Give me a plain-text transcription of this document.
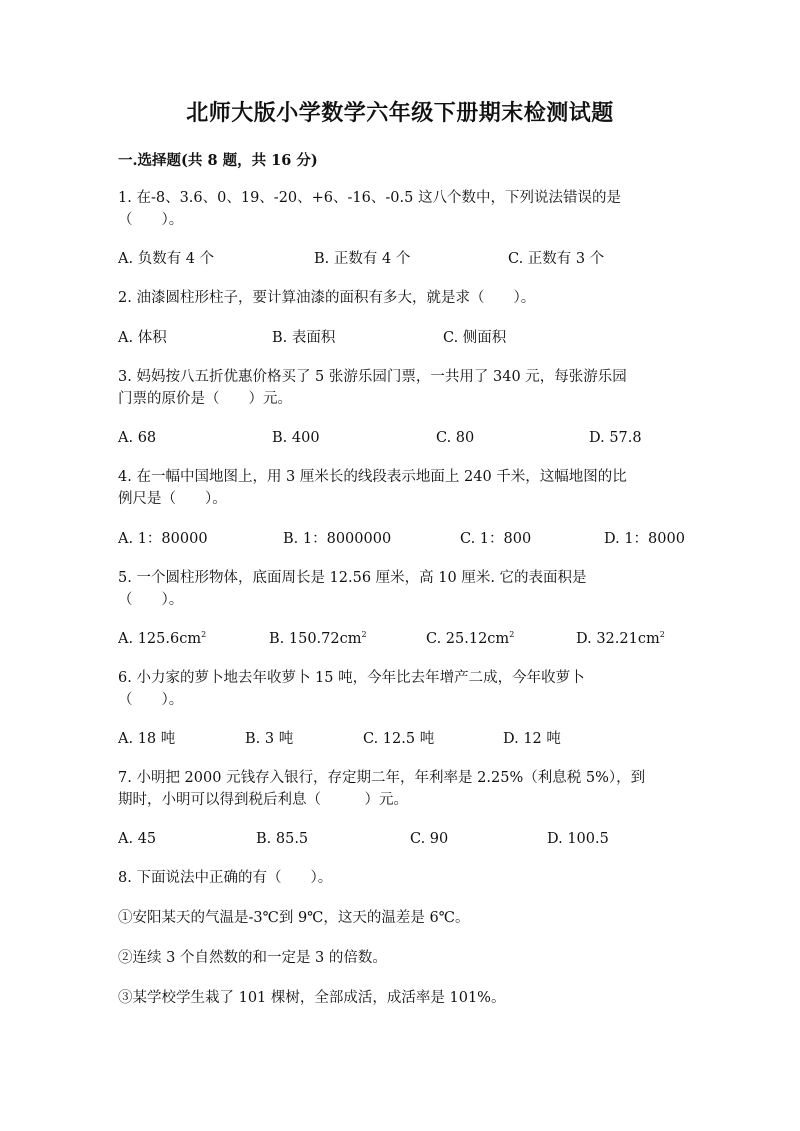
北师大版小学数学六年级下册期末检测试题
一.选择题(共 8 题，共 16 分)
1. 在-8、3.6、0、19、-20、+6、-16、-0.5 这八个数中，下列说法错误的是
（　　）。
A. 负数有 4 个	B. 正数有 4 个	C. 正数有 3 个
2. 油漆圆柱形柱子，要计算油漆的面积有多大，就是求（　　）。
A. 体积	B. 表面积	C. 侧面积
3. 妈妈按八五折优惠价格买了 5 张游乐园门票，一共用了 340 元，每张游乐园
门票的原价是（　　）元。
A. 68	B. 400	C. 80	D. 57.8
4. 在一幅中国地图上，用 3 厘米长的线段表示地面上 240 千米，这幅地图的比
例尺是（　　）。
A. 1：80000	B. 1：8000000	C. 1：800	D. 1：8000
5. 一个圆柱形物体，底面周长是 12.56 厘米，高 10 厘米. 它的表面积是
（　　）。
A. $125.6cm^2$	B. $150.72cm^2$	C. $25.12cm^2$	D. $32.21cm^2$
6. 小力家的萝卜地去年收萝卜 15 吨，今年比去年增产二成，今年收萝卜
（　　）。
A. 18 吨	B. 3 吨	C. 12.5 吨	D. 12 吨
7. 小明把 2000 元钱存入银行，存定期二年，年利率是 2.25%（利息税 5%），到
期时，小明可以得到税后利息（　　　）元。
A. 45	B. 85.5	C. 90	D. 100.5
8. 下面说法中正确的有（　　）。
①安阳某天的气温是-3℃到 9℃，这天的温差是 6℃。
②连续 3 个自然数的和一定是 3 的倍数。
③某学校学生栽了 101 棵树，全部成活，成活率是 101%。
